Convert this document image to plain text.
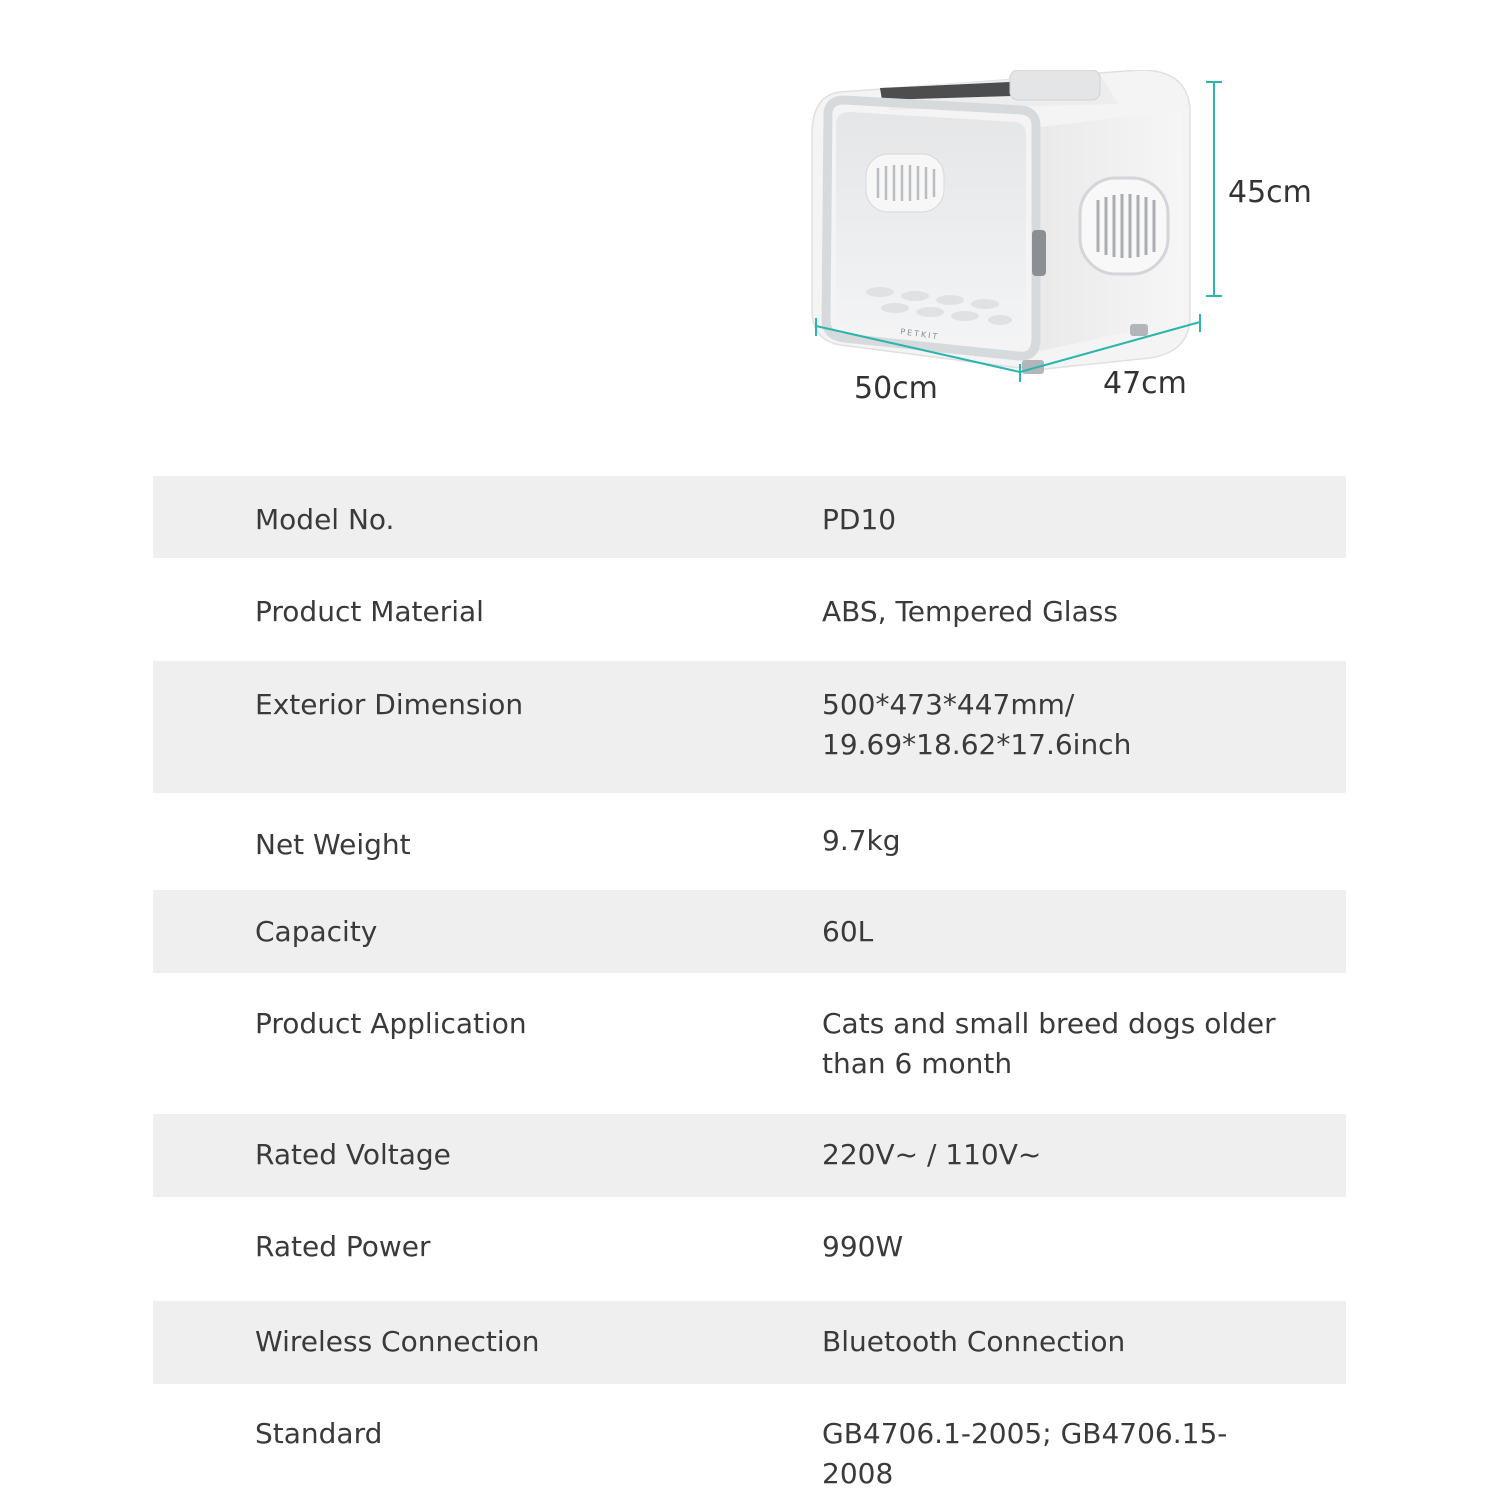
PETKIT
45cm
50cm	47cm
Model No.	PD10
Product Material	ABS, Tempered Glass
Exterior Dimension	500*473*447mm/
19.69*18.62*17.6inch
Net Weight	9.7kg
Capacity	60L
Product Application	Cats and small breed dogs older
than 6 month
Rated Voltage	220V~ / 110V~
Rated Power	990W
Wireless Connection	Bluetooth Connection
Standard	GB4706.1-2005; GB4706.15-2008
